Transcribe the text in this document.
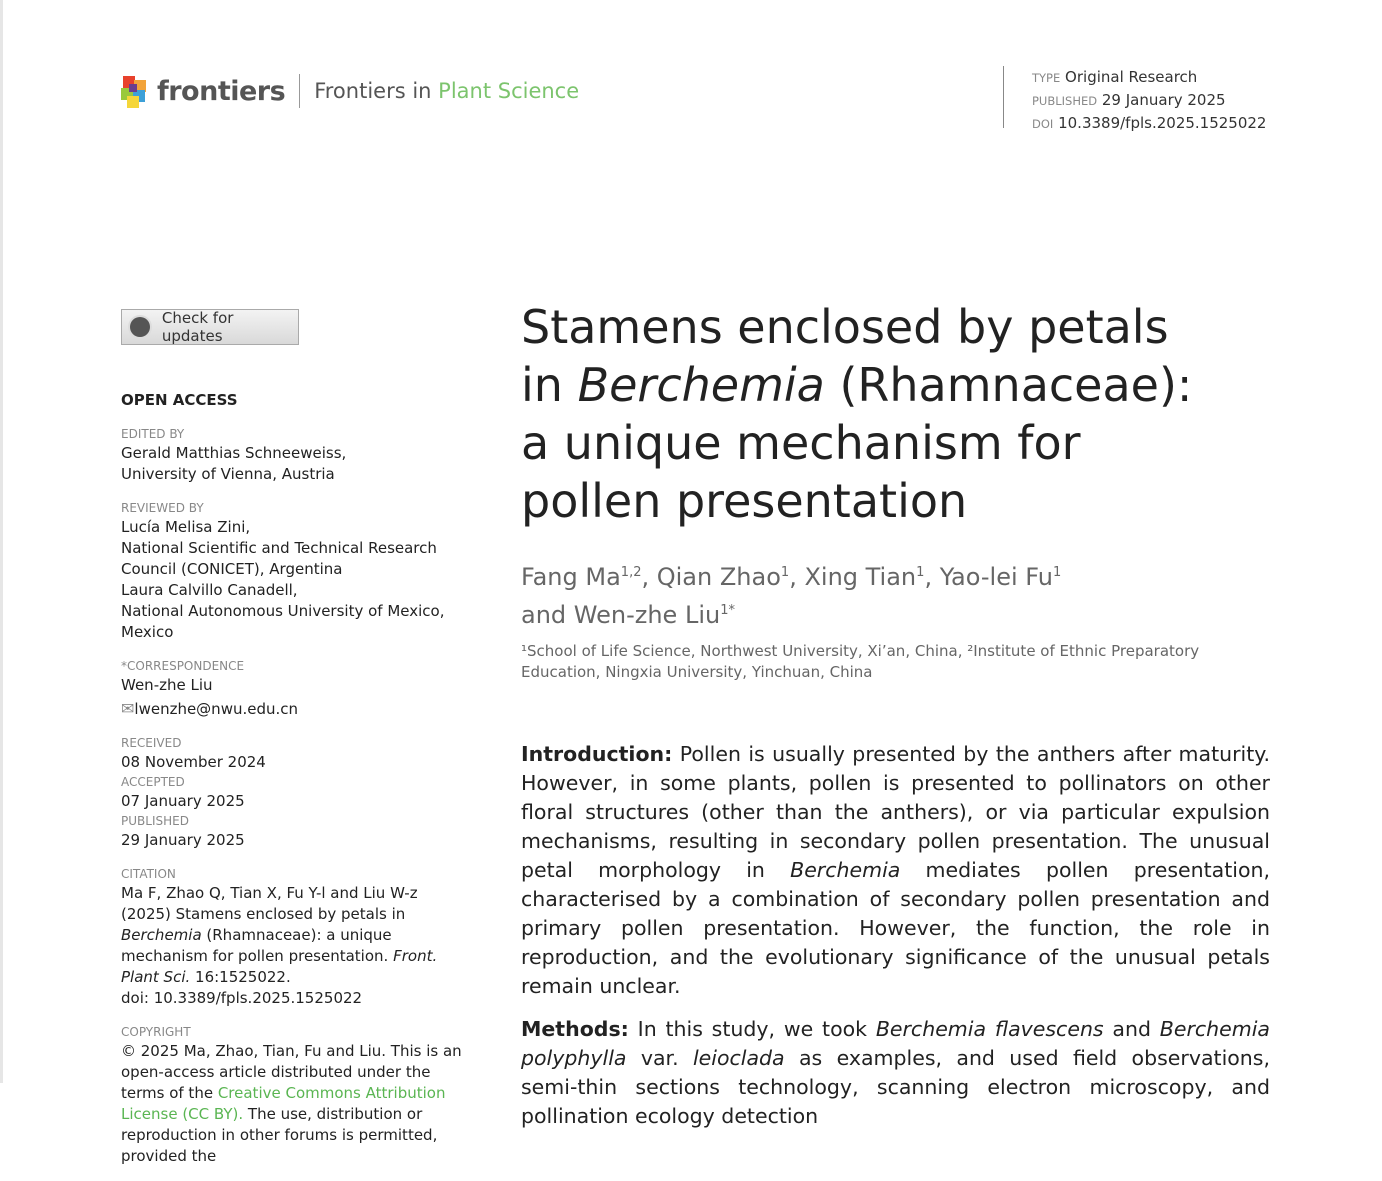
frontiers Frontiers in Plant Science
TYPE Original Research
PUBLISHED 29 January 2025
DOI 10.3389/fpls.2025.1525022
Check for updates
OPEN ACCESS
EDITED BY
Gerald Matthias Schneeweiss,
University of Vienna, Austria
REVIEWED BY
Lucía Melisa Zini,
National Scientific and Technical Research Council (CONICET), Argentina
Laura Calvillo Canadell,
National Autonomous University of Mexico, Mexico
*CORRESPONDENCE
Wen-zhe Liu
✉lwenzhe@nwu.edu.cn
RECEIVED
08 November 2024
ACCEPTED
07 January 2025
PUBLISHED
29 January 2025
CITATION
Ma F, Zhao Q, Tian X, Fu Y-l and Liu W-z (2025) Stamens enclosed by petals in Berchemia (Rhamnaceae): a unique mechanism for pollen presentation. Front. Plant Sci. 16:1525022.
doi: 10.3389/fpls.2025.1525022
COPYRIGHT
© 2025 Ma, Zhao, Tian, Fu and Liu. This is an open-access article distributed under the terms of the Creative Commons Attribution License (CC BY). The use, distribution or reproduction in other forums is permitted, provided the
Stamens enclosed by petals in Berchemia (Rhamnaceae): a unique mechanism for pollen presentation
Fang Ma$^{1,2}$, Qian Zhao$^1$, Xing Tian$^1$, Yao-lei Fu$^1$
and Wen-zhe Liu$^{1*}$
¹School of Life Science, Northwest University, Xi’an, China, ²Institute of Ethnic Preparatory Education, Ningxia University, Yinchuan, China

Introduction: Pollen is usually presented by the anthers after maturity. However, in some plants, pollen is presented to pollinators on other floral structures (other than the anthers), or via particular expulsion mechanisms, resulting in secondary pollen presentation. The unusual petal morphology in Berchemia mediates pollen presentation, characterised by a combination of secondary pollen presentation and primary pollen presentation. However, the function, the role in reproduction, and the evolutionary significance of the unusual petals remain unclear.

Methods: In this study, we took Berchemia flavescens and Berchemia polyphylla var. leioclada as examples, and used field observations, semi-thin sections technology, scanning electron microscopy, and pollination ecology detection
